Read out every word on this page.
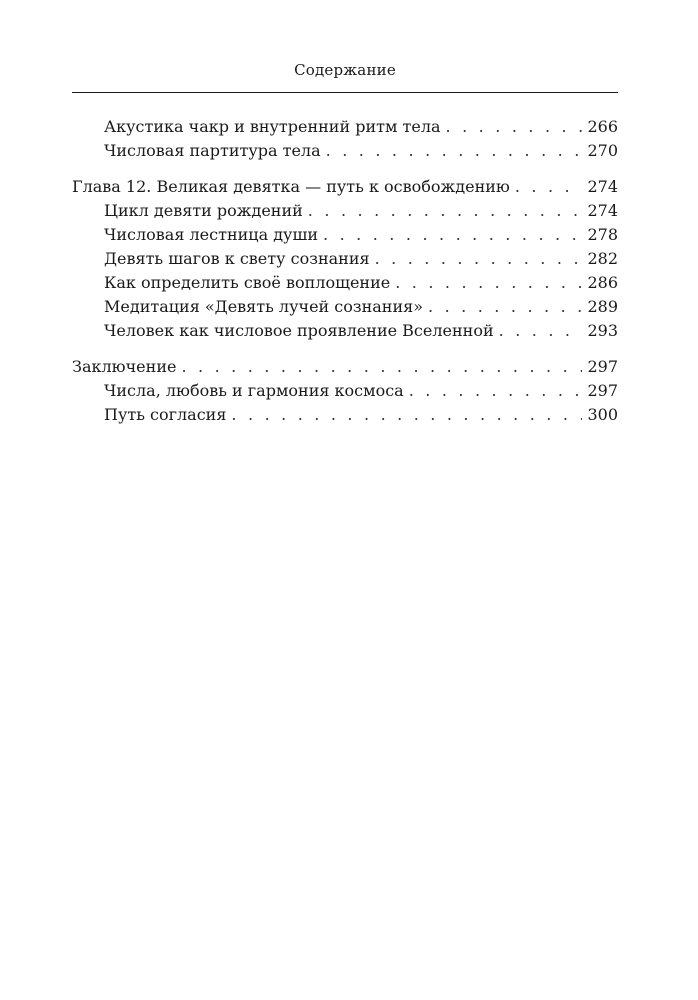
Содержание
Акустика чакр и внутренний ритм тела . . .	266
Числовая партитура тела . . .	270
Глава 12. Великая девятка — путь к освобождению . . .	274
Цикл девяти рождений . . .	274
Числовая лестница души . . .	278
Девять шагов к свету сознания . . .	282
Как определить своё воплощение . . .	286
Медитация «Девять лучей сознания» . . .	289
Человек как числовое проявление Вселенной . . .	293
Заключение . . .	297
Числа, любовь и гармония космоса . . .	297
Путь согласия . . .	300
